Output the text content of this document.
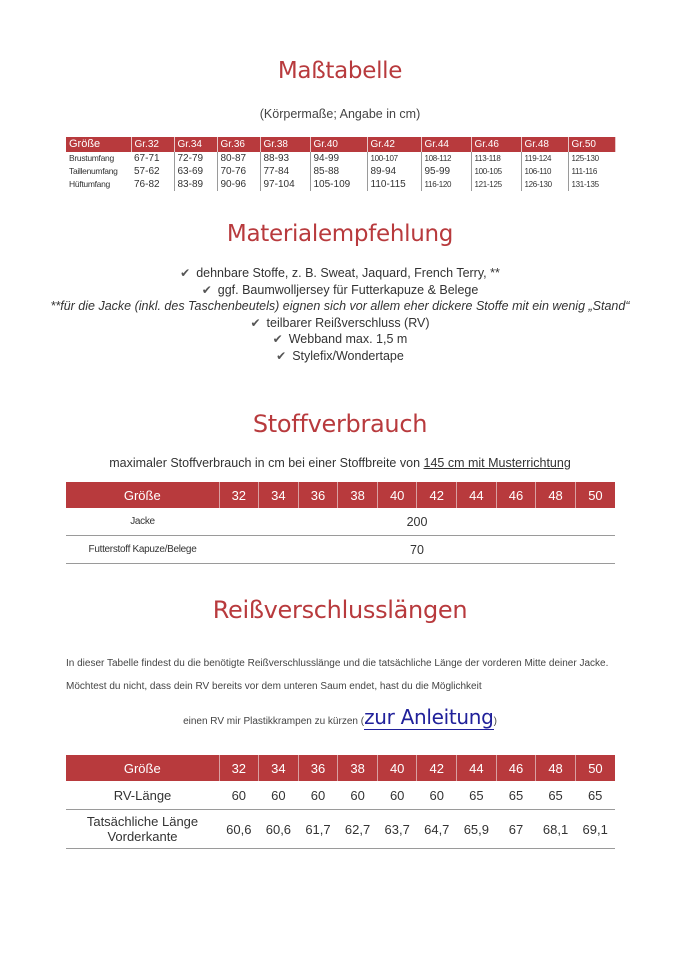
Maßtabelle
(Körpermaße; Angabe in cm)
Größe	Gr.32	Gr.34	Gr.36	Gr.38	Gr.40	Gr.42	Gr.44	Gr.46	Gr.48	Gr.50
Brustumfang	67-71	72-79	80-87	88-93	94-99	100-107	108-112	113-118	119-124	125-130
Taillenumfang	57-62	63-69	70-76	77-84	85-88	89-94	95-99	100-105	106-110	111-116
Hüftumfang	76-82	83-89	90-96	97-104	105-109	110-115	116-120	121-125	126-130	131-135
Materialempfehlung
✔ dehnbare Stoffe, z. B. Sweat, Jaquard, French Terry, **
✔ ggf. Baumwolljersey für Futterkapuze & Belege
**für die Jacke (inkl. des Taschenbeutels) eignen sich vor allem eher dickere Stoffe mit ein wenig „Stand“
✔ teilbarer Reißverschluss (RV)
✔ Webband max. 1,5 m
✔ Stylefix/Wondertape
Stoffverbrauch
maximaler Stoffverbrauch in cm bei einer Stoffbreite von 145 cm mit Musterrichtung
Größe	32	34	36	38	40	42	44	46	48	50
Jacke	200									
Futterstoff Kapuze/Belege	70									
Reißverschlusslängen
In dieser Tabelle findest du die benötigte Reißverschlusslänge und die tatsächliche Länge der vorderen Mitte deiner Jacke. Möchtest du nicht, dass dein RV bereits vor dem unteren Saum endet, hast du die Möglichkeit
einen RV mir Plastikkrampen zu kürzen (zur Anleitung)
Größe	32	34	36	38	40	42	44	46	48	50
RV-Länge	60	60	60	60	60	60	65	65	65	65
Tatsächliche Länge Vorderkante	60,6	60,6	61,7	62,7	63,7	64,7	65,9	67	68,1	69,1
